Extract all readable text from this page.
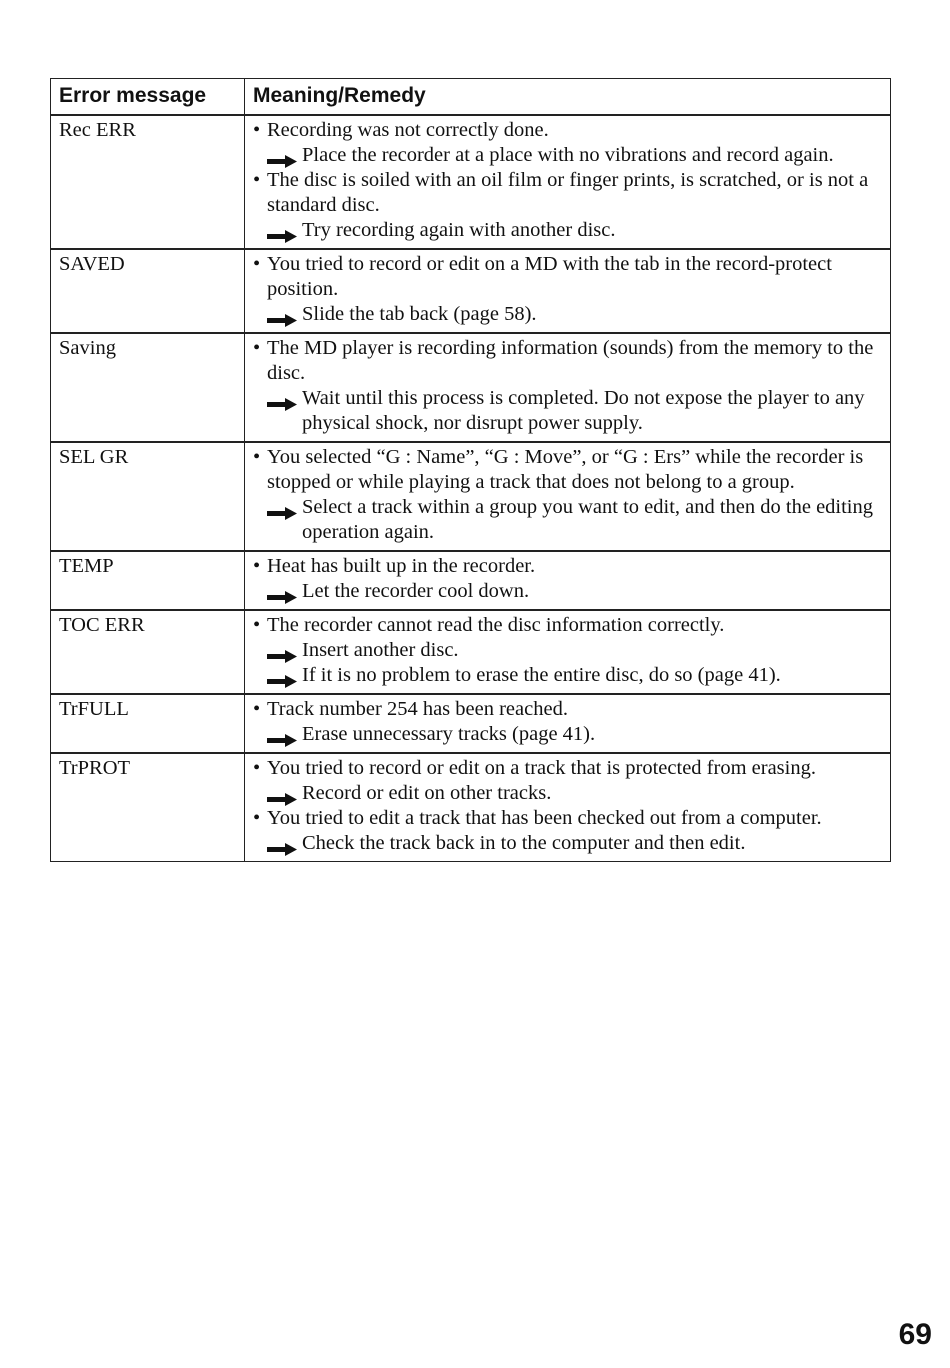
Error message	Meaning/Remedy
Rec ERR	• Recording was not correctly done.
Place the recorder at a place with no vibrations and record again.
• The disc is soiled with an oil film or finger prints, is scratched, or is not a standard disc.
Try recording again with another disc.

SAVED	• You tried to record or edit on a MD with the tab in the record-protect position.
Slide the tab back (page 58).

Saving	• The MD player is recording information (sounds) from the memory to the disc.
Wait until this process is completed. Do not expose the player to any physical shock, nor disrupt power supply.

SEL GR	• You selected “G : Name”, “G : Move”, or “G : Ers” while the recorder is stopped or while playing a track that does not belong to a group.
Select a track within a group you want to edit, and then do the editing operation again.

TEMP	• Heat has built up in the recorder.
Let the recorder cool down.

TOC ERR	• The recorder cannot read the disc information correctly.
Insert another disc.
If it is no problem to erase the entire disc, do so (page 41).

TrFULL	• Track number 254 has been reached.
Erase unnecessary tracks (page 41).

TrPROT	• You tried to record or edit on a track that is protected from erasing.
Record or edit on other tracks.
• You tried to edit a track that has been checked out from a computer.
Check the track back in to the computer and then edit.
69
